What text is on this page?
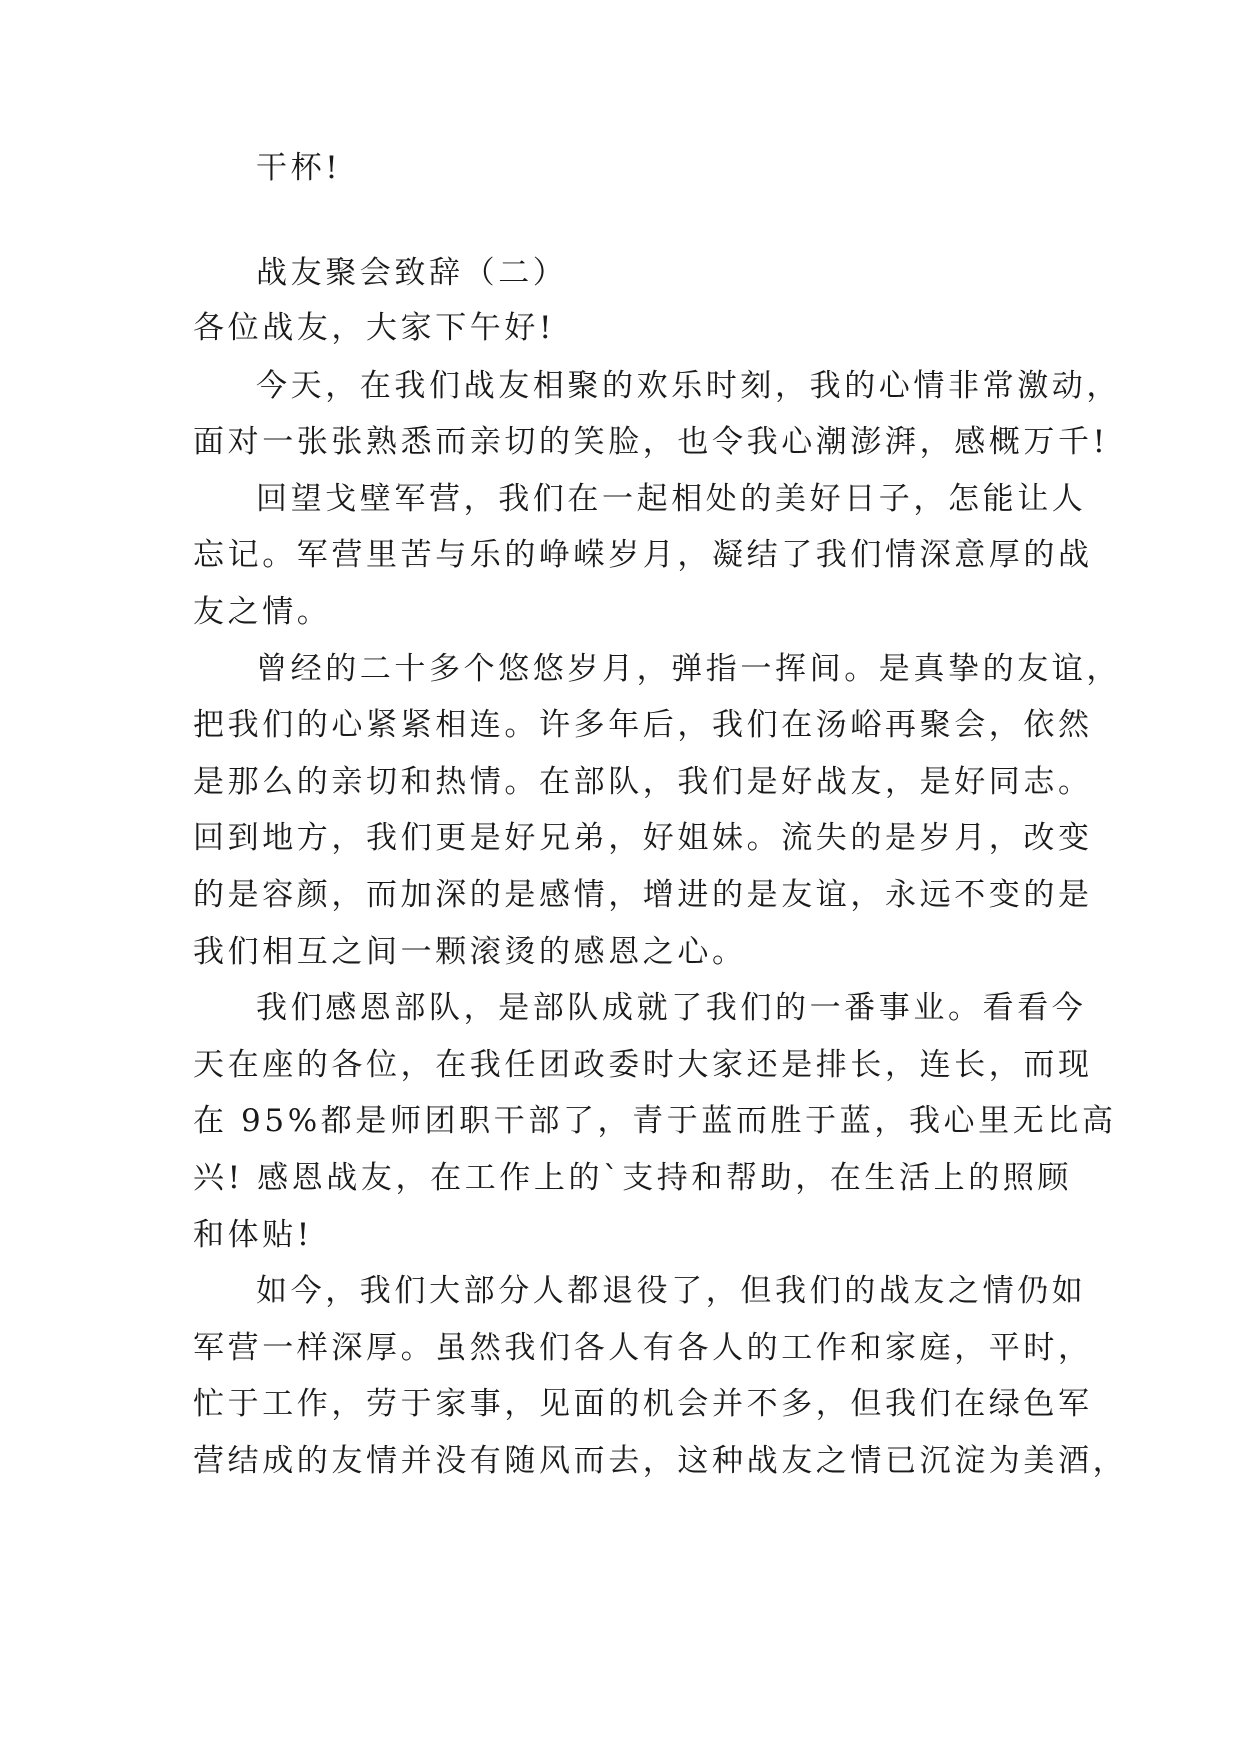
干杯!
战友聚会致辞（二）
各位战友，大家下午好!
今天，在我们战友相聚的欢乐时刻，我的心情非常激动，
面对一张张熟悉而亲切的笑脸，也令我心潮澎湃，感概万千!
回望戈壁军营，我们在一起相处的美好日子，怎能让人
忘记。军营里苦与乐的峥嵘岁月，凝结了我们情深意厚的战
友之情。
曾经的二十多个悠悠岁月，弹指一挥间。是真挚的友谊，
把我们的心紧紧相连。许多年后，我们在汤峪再聚会，依然
是那么的亲切和热情。在部队，我们是好战友，是好同志。
回到地方，我们更是好兄弟，好姐妹。流失的是岁月，改变
的是容颜，而加深的是感情，增进的是友谊，永远不变的是
我们相互之间一颗滚烫的感恩之心。
我们感恩部队，是部队成就了我们的一番事业。看看今
天在座的各位，在我任团政委时大家还是排长，连长，而现
在 95%都是师团职干部了，青于蓝而胜于蓝，我心里无比高
兴! 感恩战友，在工作上的`支持和帮助，在生活上的照顾
和体贴!
如今，我们大部分人都退役了，但我们的战友之情仍如
军营一样深厚。虽然我们各人有各人的工作和家庭，平时，
忙于工作，劳于家事，见面的机会并不多，但我们在绿色军
营结成的友情并没有随风而去，这种战友之情已沉淀为美酒，
